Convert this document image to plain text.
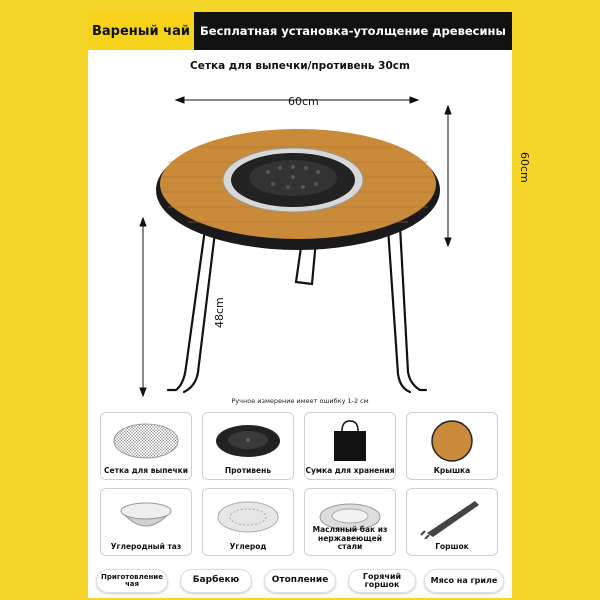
Вареный чай Бесплатная установка-утолщение древесины
Сетка для выпечки/противень 30cm
60cm
60cm
48cm
Ручное измерение имеет ошибку 1-2 см
Сетка для выпечки	Противень	Сумка для хранения	Крышка
Углеродный таз	Углерод
Масляный бак из нержавеющей стали	Горшок
Приготовление чая	Барбекю	Отопление	Горячий горшок	Мясо на гриле
